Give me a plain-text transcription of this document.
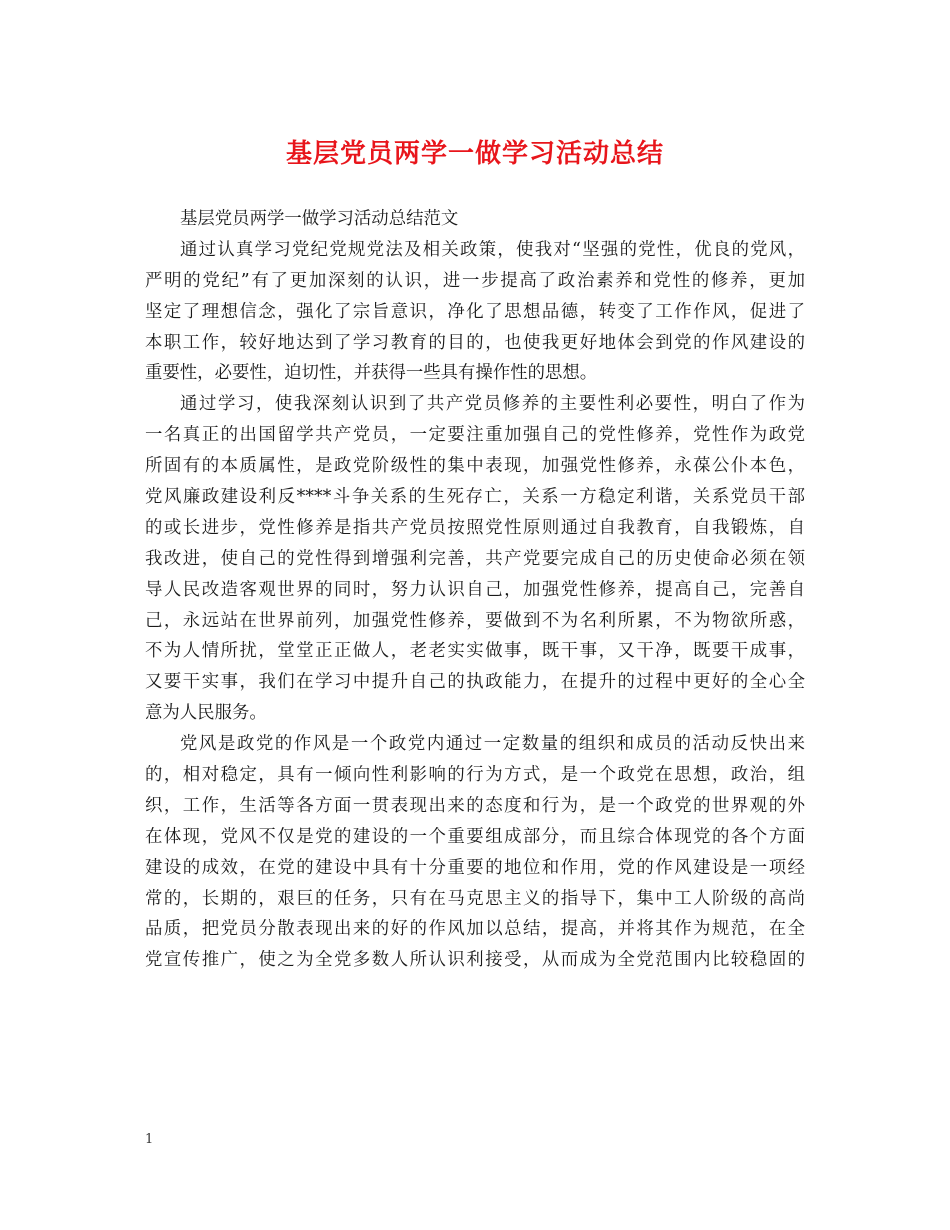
基层党员两学一做学习活动总结
基层党员两学一做学习活动总结范文
通过认真学习党纪党规党法及相关政策，使我对“坚强的党性，优良的党风，
严明的党纪”有了更加深刻的认识，进一步提高了政治素养和党性的修养，更加
坚定了理想信念，强化了宗旨意识，净化了思想品德，转变了工作作风，促进了
本职工作，较好地达到了学习教育的目的，也使我更好地体会到党的作风建设的
重要性，必要性，迫切性，并获得一些具有操作性的思想。
通过学习，使我深刻认识到了共产党员修养的主要性利必要性，明白了作为
一名真正的出国留学共产党员，一定要注重加强自己的党性修养，党性作为政党
所固有的本质属性，是政党阶级性的集中表现，加强党性修养，永葆公仆本色，
党风廉政建设利反****斗争关系的生死存亡，关系一方稳定利谐，关系党员干部
的或长进步，党性修养是指共产党员按照党性原则通过自我教育，自我锻炼，自
我改进，使自己的党性得到增强利完善，共产党要完成自己的历史使命必须在领
导人民改造客观世界的同时，努力认识自己，加强党性修养，提高自己，完善自
己，永远站在世界前列，加强党性修养，要做到不为名利所累，不为物欲所惑，
不为人情所扰，堂堂正正做人，老老实实做事，既干事，又干净，既要干成事，
又要干实事，我们在学习中提升自己的执政能力，在提升的过程中更好的全心全
意为人民服务。
党风是政党的作风是一个政党内通过一定数量的组织和成员的活动反快出来
的，相对稳定，具有一倾向性利影响的行为方式，是一个政党在思想，政治，组
织，工作，生活等各方面一贯表现出来的态度和行为，是一个政党的世界观的外
在体现，党风不仅是党的建设的一个重要组成部分，而且综合体现党的各个方面
建设的成效，在党的建设中具有十分重要的地位和作用，党的作风建设是一项经
常的，长期的，艰巨的任务，只有在马克思主义的指导下，集中工人阶级的高尚
品质，把党员分散表现出来的好的作风加以总结，提高，并将其作为规范，在全
党宣传推广，使之为全党多数人所认识利接受，从而成为全党范围内比较稳固的
1
